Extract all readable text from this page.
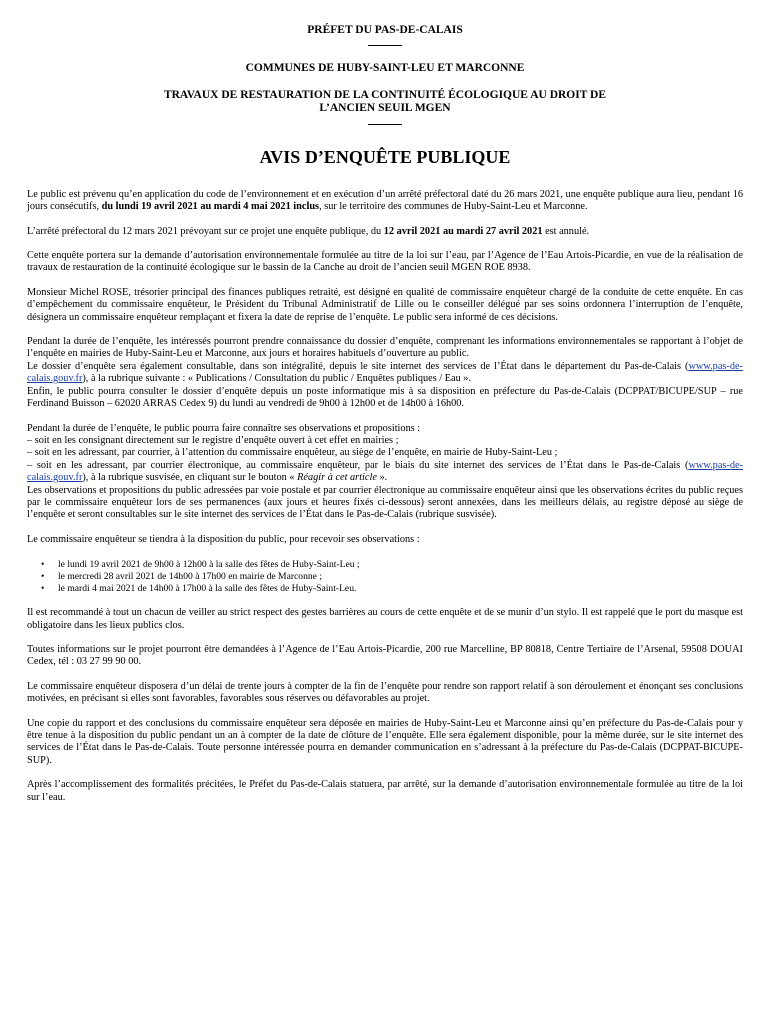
PRÉFET DU PAS-DE-CALAIS
COMMUNES DE HUBY-SAINT-LEU ET MARCONNE
TRAVAUX DE RESTAURATION DE LA CONTINUITÉ ÉCOLOGIQUE AU DROIT DE
L’ANCIEN SEUIL MGEN
AVIS D’ENQUÊTE PUBLIQUE

Le public est prévenu qu’en application du code de l’environnement et en exécution d’un arrêté préfectoral daté du 26 mars 2021, une enquête publique aura lieu, pendant 16 jours consécutifs, du lundi 19 avril 2021 au mardi 4 mai 2021 inclus, sur le territoire des communes de Huby-Saint-Leu et Marconne.

L’arrêté préfectoral du 12 mars 2021 prévoyant sur ce projet une enquête publique, du 12 avril 2021 au mardi 27 avril 2021 est annulé.

Cette enquête portera sur la demande d’autorisation environnementale formulée au titre de la loi sur l’eau, par l’Agence de l’Eau Artois-Picardie, en vue de la réalisation de travaux de restauration de la continuité écologique sur le bassin de la Canche au droit de l’ancien seuil MGEN ROE 8938.

Monsieur Michel ROSE, trésorier principal des finances publiques retraité, est désigné en qualité de commissaire enquêteur chargé de la conduite de cette enquête. En cas d’empêchement du commissaire enquêteur, le Président du Tribunal Administratif de Lille ou le conseiller délégué par ses soins ordonnera l’interruption de l’enquête, désignera un commissaire enquêteur remplaçant et fixera la date de reprise de l’enquête. Le public sera informé de ces décisions.

Pendant la durée de l’enquête, les intéressés pourront prendre connaissance du dossier d’enquête, comprenant les informations environnementales se rapportant à l’objet de l’enquête en mairies de Huby-Saint-Leu et Marconne, aux jours et horaires habituels d’ouverture au public.
Le dossier d’enquête sera également consultable, dans son intégralité, depuis le site internet des services de l’État dans le département du Pas-de-Calais (www.pas-de-calais.gouv.fr), à la rubrique suivante : « Publications / Consultation du public / Enquêtes publiques / Eau ».
Enfin, le public pourra consulter le dossier d’enquête depuis un poste informatique mis à sa disposition en préfecture du Pas-de-Calais (DCPPAT/BICUPE/SUP – rue Ferdinand Buisson – 62020 ARRAS Cedex 9) du lundi au vendredi de 9h00 à 12h00 et de 14h00 à 16h00.

Pendant la durée de l’enquête, le public pourra faire connaître ses observations et propositions :
– soit en les consignant directement sur le registre d’enquête ouvert à cet effet en mairies ;
– soit en les adressant, par courrier, à l’attention du commissaire enquêteur, au siège de l’enquête, en mairie de Huby-Saint-Leu ;
– soit en les adressant, par courrier électronique, au commissaire enquêteur, par le biais du site internet des services de l’État dans le Pas-de-Calais (www.pas-de-calais.gouv.fr), à la rubrique susvisée, en cliquant sur le bouton « Réagir à cet article ».
Les observations et propositions du public adressées par voie postale et par courrier électronique au commissaire enquêteur ainsi que les observations écrites du public reçues par le commissaire enquêteur lors de ses permanences (aux jours et heures fixés ci-dessous) seront annexées, dans les meilleurs délais, au registre déposé au siège de l’enquête et seront consultables sur le site internet des services de l’État dans le Pas-de-Calais (rubrique susvisée).

Le commissaire enquêteur se tiendra à la disposition du public, pour recevoir ses observations :

• le lundi 19 avril 2021 de 9h00 à 12h00 à la salle des fêtes de Huby-Saint-Leu ;
• le mercredi 28 avril 2021 de 14h00 à 17h00 en mairie de Marconne ;
• le mardi 4 mai 2021 de 14h00 à 17h00 à la salle des fêtes de Huby-Saint-Leu.

Il est recommandé à tout un chacun de veiller au strict respect des gestes barrières au cours de cette enquête et de se munir d’un stylo. Il est rappelé que le port du masque est obligatoire dans les lieux publics clos.

Toutes informations sur le projet pourront être demandées à l’Agence de l’Eau Artois-Picardie, 200 rue Marcelline, BP 80818, Centre Tertiaire de l’Arsenal, 59508 DOUAI Cedex, tél : 03 27 99 90 00.

Le commissaire enquêteur disposera d’un délai de trente jours à compter de la fin de l’enquête pour rendre son rapport relatif à son déroulement et énonçant ses conclusions motivées, en précisant si elles sont favorables, favorables sous réserves ou défavorables au projet.

Une copie du rapport et des conclusions du commissaire enquêteur sera déposée en mairies de Huby-Saint-Leu et Marconne ainsi qu’en préfecture du Pas-de-Calais pour y être tenue à la disposition du public pendant un an à compter de la date de clôture de l’enquête. Elle sera également disponible, pour la même durée, sur le site internet des services de l’État dans le Pas-de-Calais. Toute personne intéressée pourra en demander communication en s’adressant à la préfecture du Pas-de-Calais (DCPPAT-BICUPE-SUP).

Après l’accomplissement des formalités précitées, le Préfet du Pas-de-Calais statuera, par arrêté, sur la demande d’autorisation environnementale formulée au titre de la loi sur l’eau.
